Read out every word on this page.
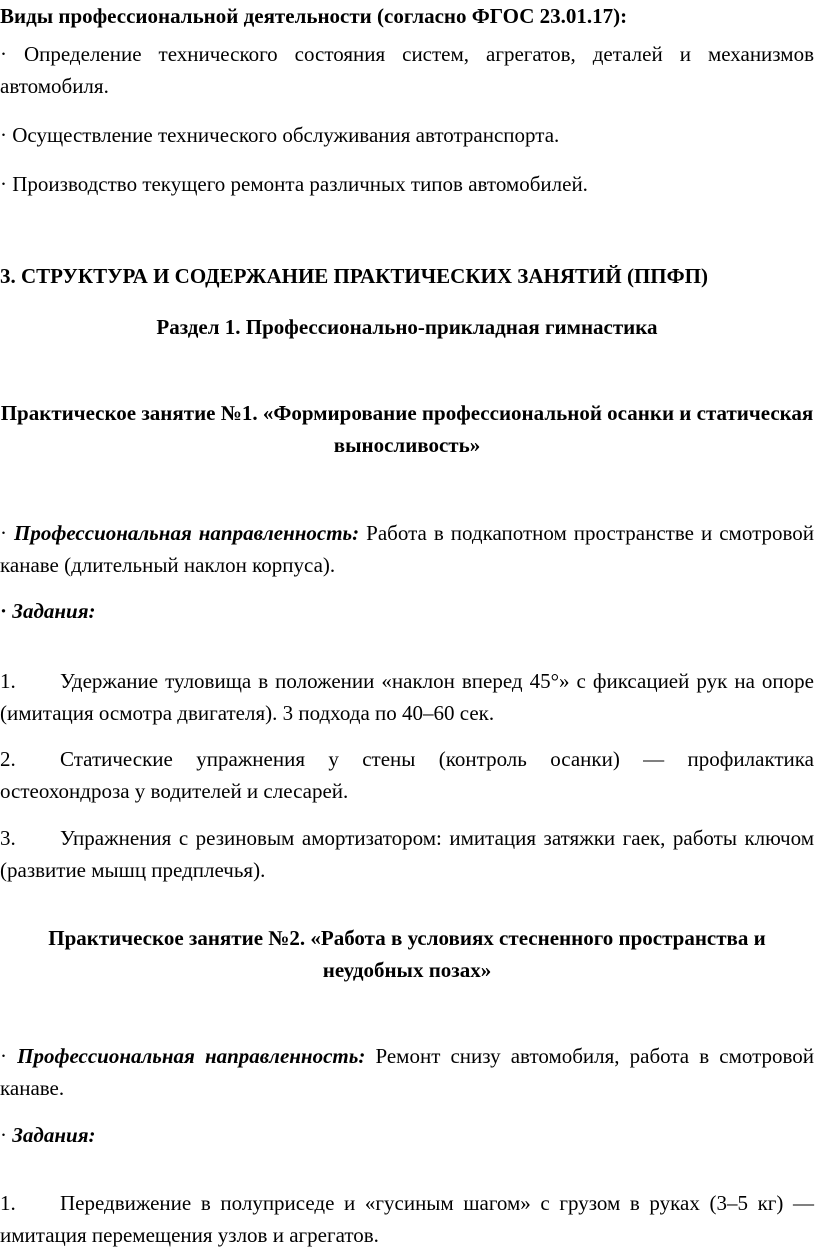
Виды профессиональной деятельности (согласно ФГОС 23.01.17):

· Определение технического состояния систем, агрегатов, деталей и механизмов автомобиля.

· Осуществление технического обслуживания автотранспорта.

· Производство текущего ремонта различных типов автомобилей.

3. СТРУКТУРА И СОДЕРЖАНИЕ ПРАКТИЧЕСКИХ ЗАНЯТИЙ (ППФП)

Раздел 1. Профессионально-прикладная гимнастика

Практическое занятие №1. «Формирование профессиональной осанки и статическая выносливость»

· Профессиональная направленность: Работа в подкапотном пространстве и смотровой канаве (длительный наклон корпуса).

· Задания:

1. Удержание туловища в положении «наклон вперед 45°» с фиксацией рук на опоре (имитация осмотра двигателя). 3 подхода по 40–60 сек.

2. Статические упражнения у стены (контроль осанки) — профилактика остеохондроза у водителей и слесарей.

3. Упражнения с резиновым амортизатором: имитация затяжки гаек, работы ключом (развитие мышц предплечья).

Практическое занятие №2. «Работа в условиях стесненного пространства и неудобных позах»

· Профессиональная направленность: Ремонт снизу автомобиля, работа в смотровой канаве.

· Задания:

1. Передвижение в полуприседе и «гусиным шагом» с грузом в руках (3–5 кг) — имитация перемещения узлов и агрегатов.
